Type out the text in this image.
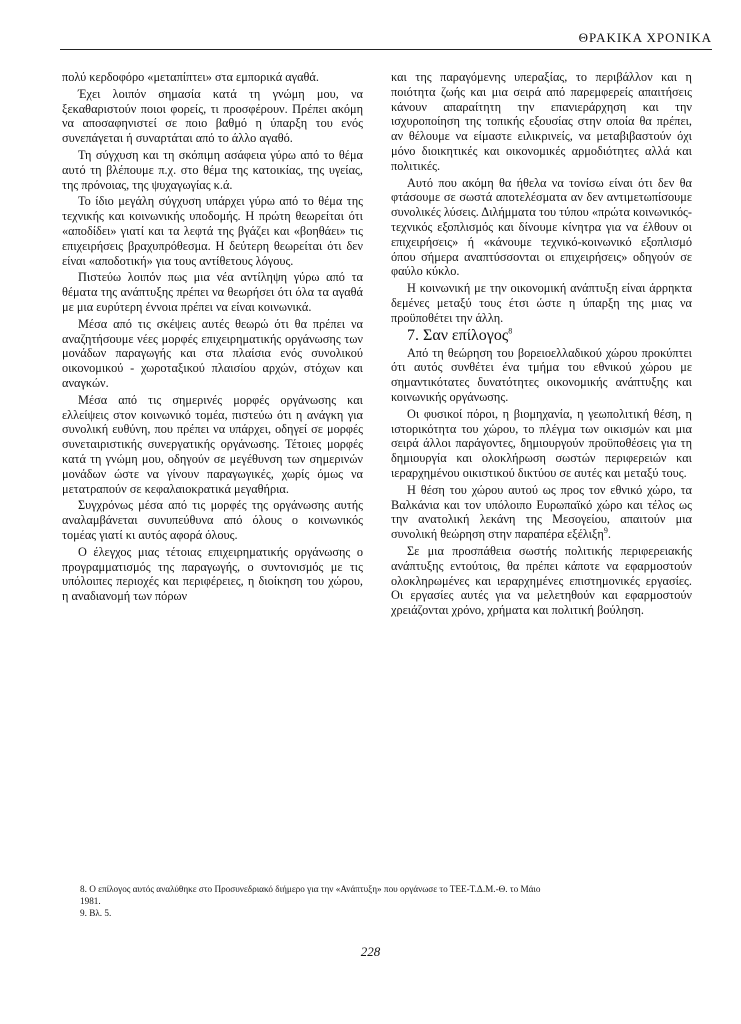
ΘΡΑΚΙΚΑ ΧΡΟΝΙΚΑ

πολύ κερδοφόρο «μεταπίπτει» στα εμπορικά αγαθά.

Έχει λοιπόν σημασία κατά τη γνώμη μου, να ξεκαθαριστούν ποιοι φορείς, τι προσφέρουν. Πρέπει ακόμη να αποσαφηνιστεί σε ποιο βαθμό η ύπαρξη του ενός συνεπάγεται ή συναρτάται από το άλλο αγαθό.

Τη σύγχυση και τη σκόπιμη ασάφεια γύρω από το θέμα αυτό τη βλέπουμε π.χ. στο θέμα της κατοικίας, της υγείας, της πρόνοιας, της ψυχαγωγίας κ.ά.

Το ίδιο μεγάλη σύγχυση υπάρχει γύρω από το θέμα της τεχνικής και κοινωνικής υποδομής. Η πρώτη θεωρείται ότι «αποδίδει» γιατί και τα λεφτά της βγάζει και «βοηθάει» τις επιχειρήσεις βραχυπρόθεσμα. Η δεύτερη θεωρείται ότι δεν είναι «αποδοτική» για τους αντίθετους λόγους.

Πιστεύω λοιπόν πως μια νέα αντίληψη γύρω από τα θέματα της ανάπτυξης πρέπει να θεωρήσει ότι όλα τα αγαθά με μια ευρύτερη έννοια πρέπει να είναι κοινωνικά.

Μέσα από τις σκέψεις αυτές θεωρώ ότι θα πρέπει να αναζητήσουμε νέες μορφές επιχειρηματικής οργάνωσης των μονάδων παραγωγής και στα πλαίσια ενός συνολικού οικονομικού - χωροταξικού πλαισίου αρχών, στόχων και αναγκών.

Μέσα από τις σημερινές μορφές οργάνωσης και ελλείψεις στον κοινωνικό τομέα, πιστεύω ότι η ανάγκη για συνολική ευθύνη, που πρέπει να υπάρχει, οδηγεί σε μορφές συνεταιριστικής συνεργατικής οργάνωσης. Τέτοιες μορφές κατά τη γνώμη μου, οδηγούν σε μεγέθυνση των σημερινών μονάδων ώστε να γίνουν παραγωγικές, χωρίς όμως να μετατραπούν σε κεφαλαιοκρατικά μεγαθήρια.

Συγχρόνως μέσα από τις μορφές της οργάνωσης αυτής αναλαμβάνεται συνυπεύθυνα από όλους ο κοινωνικός τομέας γιατί κι αυτός αφορά όλους.

Ο έλεγχος μιας τέτοιας επιχειρηματικής οργάνωσης ο προγραμματισμός της παραγωγής, ο συντονισμός με τις υπόλοιπες περιοχές και περιφέρειες, η διοίκηση του χώρου, η αναδιανομή των πόρων

και της παραγόμενης υπεραξίας, το περιβάλλον και η ποιότητα ζωής και μια σειρά από παρεμφερείς απαιτήσεις κάνουν απαραίτητη την επανιεράρχηση και την ισχυροποίηση της τοπικής εξουσίας στην οποία θα πρέπει, αν θέλουμε να είμαστε ειλικρινείς, να μεταβιβαστούν όχι μόνο διοικητικές και οικονομικές αρμοδιότητες αλλά και πολιτικές.

Αυτό που ακόμη θα ήθελα να τονίσω είναι ότι δεν θα φτάσουμε σε σωστά αποτελέσματα αν δεν αντιμετωπίσουμε συνολικές λύσεις. Διλήμματα του τύπου «πρώτα κοινωνικός-τεχνικός εξοπλισμός και δίνουμε κίνητρα για να έλθουν οι επιχειρήσεις» ή «κάνουμε τεχνικό-κοινωνικό εξοπλισμό όπου σήμερα αναπτύσσονται οι επιχειρήσεις» οδηγούν σε φαύλο κύκλο.

Η κοινωνική με την οικονομική ανάπτυξη είναι άρρηκτα δεμένες μεταξύ τους έτσι ώστε η ύπαρξη της μιας να προϋποθέτει την άλλη.

7. Σαν επίλογος$^8$

Από τη θεώρηση του βορειοελλαδικού χώρου προκύπτει ότι αυτός συνθέτει ένα τμήμα του εθνικού χώρου με σημαντικότατες δυνατότητες οικονομικής ανάπτυξης και κοινωνικής οργάνωσης.

Οι φυσικοί πόροι, η βιομηχανία, η γεωπολιτική θέση, η ιστορικότητα του χώρου, το πλέγμα των οικισμών και μια σειρά άλλοι παράγοντες, δημιουργούν προϋποθέσεις για τη δημιουργία και ολοκλήρωση σωστών περιφερειών και ιεραρχημένου οικιστικού δικτύου σε αυτές και μεταξύ τους.

Η θέση του χώρου αυτού ως προς τον εθνικό χώρο, τα Βαλκάνια και τον υπόλοιπο Ευρωπαϊκό χώρο και τέλος ως την ανατολική λεκάνη της Μεσογείου, απαιτούν μια συνολική θεώρηση στην παραπέρα εξέλιξη$^9$.

Σε μια προσπάθεια σωστής πολιτικής περιφερειακής ανάπτυξης εντούτοις, θα πρέπει κάποτε να εφαρμοστούν ολοκληρωμένες και ιεραρχημένες επιστημονικές εργασίες. Οι εργασίες αυτές για να μελετηθούν και εφαρμοστούν χρειάζονται χρόνο, χρήματα και πολιτική βούληση.

8. Ο επίλογος αυτός αναλύθηκε στο Προσυνεδριακό διήμερο για την «Ανάπτυξη» που οργάνωσε το ΤΕΕ-Τ.Δ.Μ.-Θ. το Μάιο 1981.

9. Βλ. 5.

228
